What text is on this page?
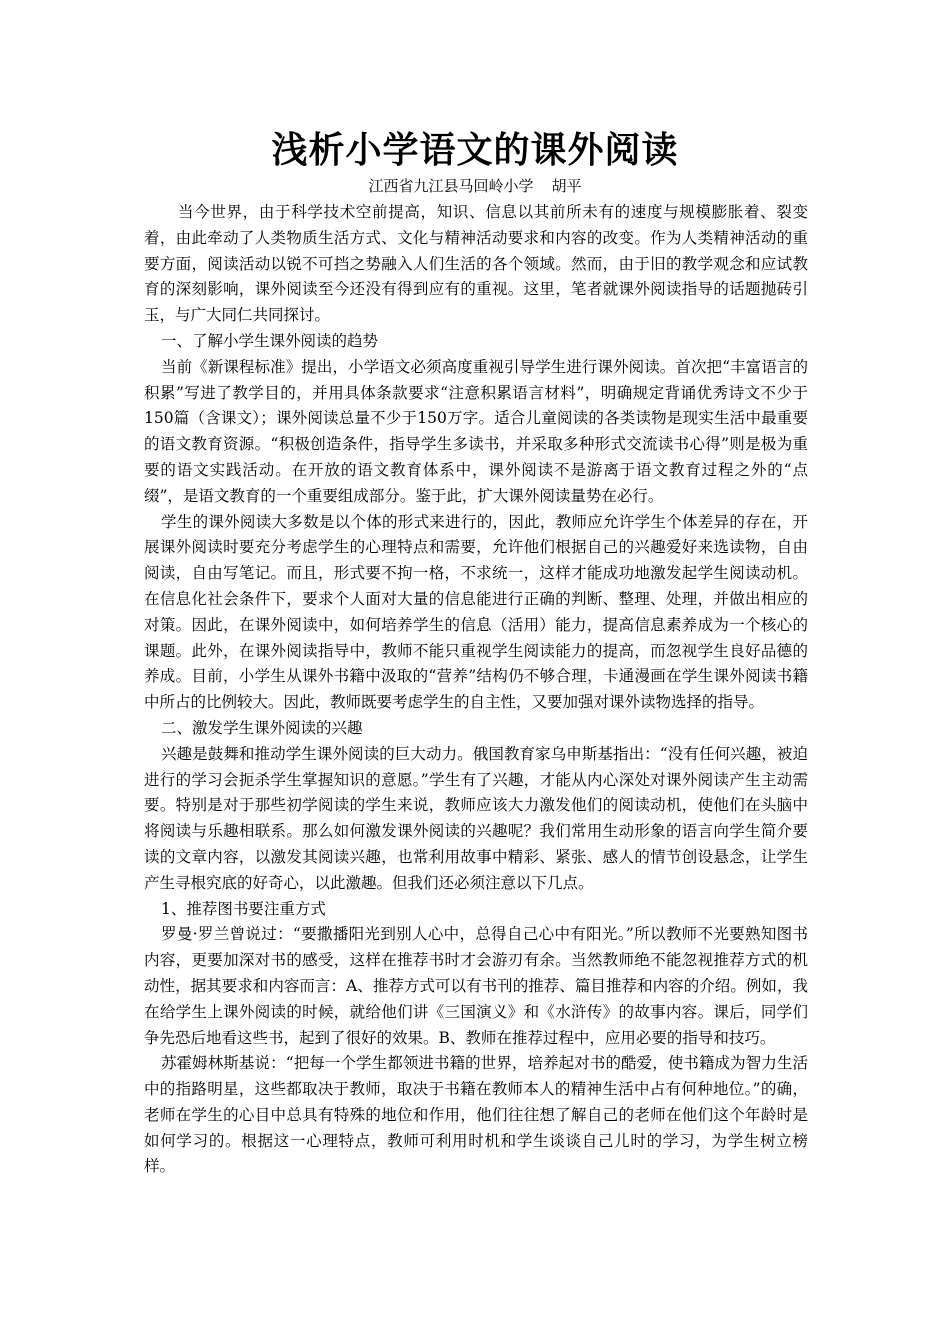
浅析小学语文的课外阅读
江西省九江县马回岭小学 胡平

当今世界，由于科学技术空前提高，知识、信息以其前所未有的速度与规模膨胀着、裂变着，由此牵动了人类物质生活方式、文化与精神活动要求和内容的改变。作为人类精神活动的重要方面，阅读活动以锐不可挡之势融入人们生活的各个领域。然而，由于旧的教学观念和应试教育的深刻影响，课外阅读至今还没有得到应有的重视。这里，笔者就课外阅读指导的话题抛砖引玉，与广大同仁共同探讨。

一、了解小学生课外阅读的趋势

当前《新课程标准》提出，小学语文必须高度重视引导学生进行课外阅读。首次把“丰富语言的积累”写进了教学目的，并用具体条款要求“注意积累语言材料”，明确规定背诵优秀诗文不少于150篇（含课文）；课外阅读总量不少于150万字。适合儿童阅读的各类读物是现实生活中最重要的语文教育资源。“积极创造条件，指导学生多读书，并采取多种形式交流读书心得”则是极为重要的语文实践活动。在开放的语文教育体系中，课外阅读不是游离于语文教育过程之外的“点缀”，是语文教育的一个重要组成部分。鉴于此，扩大课外阅读量势在必行。

学生的课外阅读大多数是以个体的形式来进行的，因此，教师应允许学生个体差异的存在，开展课外阅读时要充分考虑学生的心理特点和需要，允许他们根据自己的兴趣爱好来选读物，自由阅读，自由写笔记。而且，形式要不拘一格，不求统一，这样才能成功地激发起学生阅读动机。在信息化社会条件下，要求个人面对大量的信息能进行正确的判断、整理、处理，并做出相应的对策。因此，在课外阅读中，如何培养学生的信息（活用）能力，提高信息素养成为一个核心的课题。此外，在课外阅读指导中，教师不能只重视学生阅读能力的提高，而忽视学生良好品德的养成。目前，小学生从课外书籍中汲取的“营养”结构仍不够合理，卡通漫画在学生课外阅读书籍中所占的比例较大。因此，教师既要考虑学生的自主性，又要加强对课外读物选择的指导。

二、激发学生课外阅读的兴趣

兴趣是鼓舞和推动学生课外阅读的巨大动力。俄国教育家乌申斯基指出：“没有任何兴趣，被迫进行的学习会扼杀学生掌握知识的意愿。”学生有了兴趣，才能从内心深处对课外阅读产生主动需要。特别是对于那些初学阅读的学生来说，教师应该大力激发他们的阅读动机，使他们在头脑中将阅读与乐趣相联系。那么如何激发课外阅读的兴趣呢？我们常用生动形象的语言向学生简介要读的文章内容，以激发其阅读兴趣，也常利用故事中精彩、紧张、感人的情节创设悬念，让学生产生寻根究底的好奇心，以此激趣。但我们还必须注意以下几点。

1、推荐图书要注重方式

罗曼·罗兰曾说过：“要撒播阳光到别人心中，总得自己心中有阳光。”所以教师不光要熟知图书内容，更要加深对书的感受，这样在推荐书时才会游刃有余。当然教师绝不能忽视推荐方式的机动性，据其要求和内容而言：A、推荐方式可以有书刊的推荐、篇目推荐和内容的介绍。例如，我在给学生上课外阅读的时候，就给他们讲《三国演义》和《水浒传》的故事内容。课后，同学们争先恐后地看这些书，起到了很好的效果。B、教师在推荐过程中，应用必要的指导和技巧。

苏霍姆林斯基说：“把每一个学生都领进书籍的世界，培养起对书的酷爱，使书籍成为智力生活中的指路明星，这些都取决于教师，取决于书籍在教师本人的精神生活中占有何种地位。”的确，老师在学生的心目中总具有特殊的地位和作用，他们往往想了解自己的老师在他们这个年龄时是如何学习的。根据这一心理特点，教师可利用时机和学生谈谈自己儿时的学习，为学生树立榜样。
